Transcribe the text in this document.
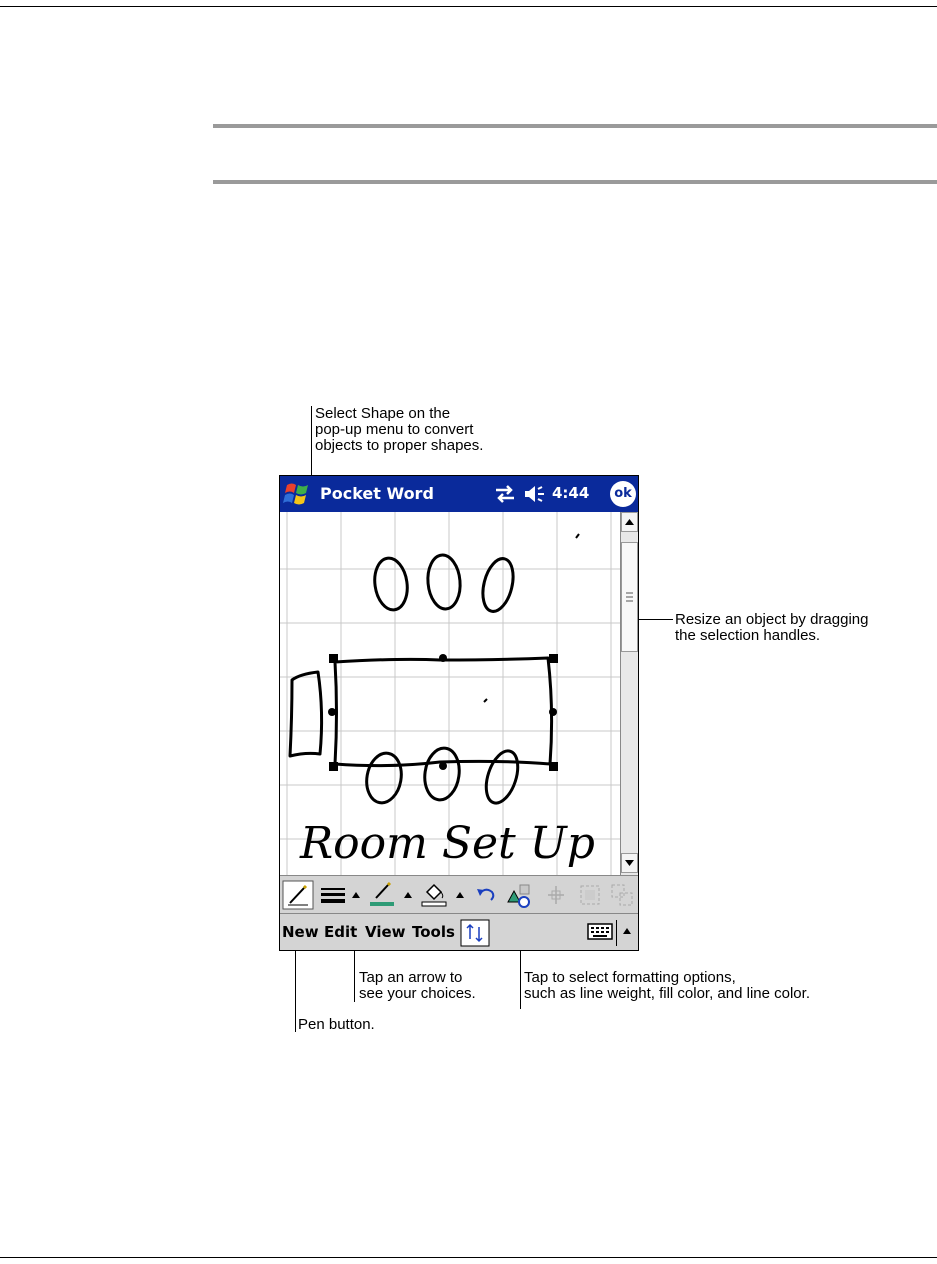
Select Shape on the
pop-up menu to convert
objects to proper shapes.
Resize an object by dragging
the selection handles.
Tap an arrow to
see your choices.
Tap to select formatting options,
such as line weight, fill color, and line color.
Pen button.
Pocket Word	4:44	ok
Room Set Up
New Edit View Tools
